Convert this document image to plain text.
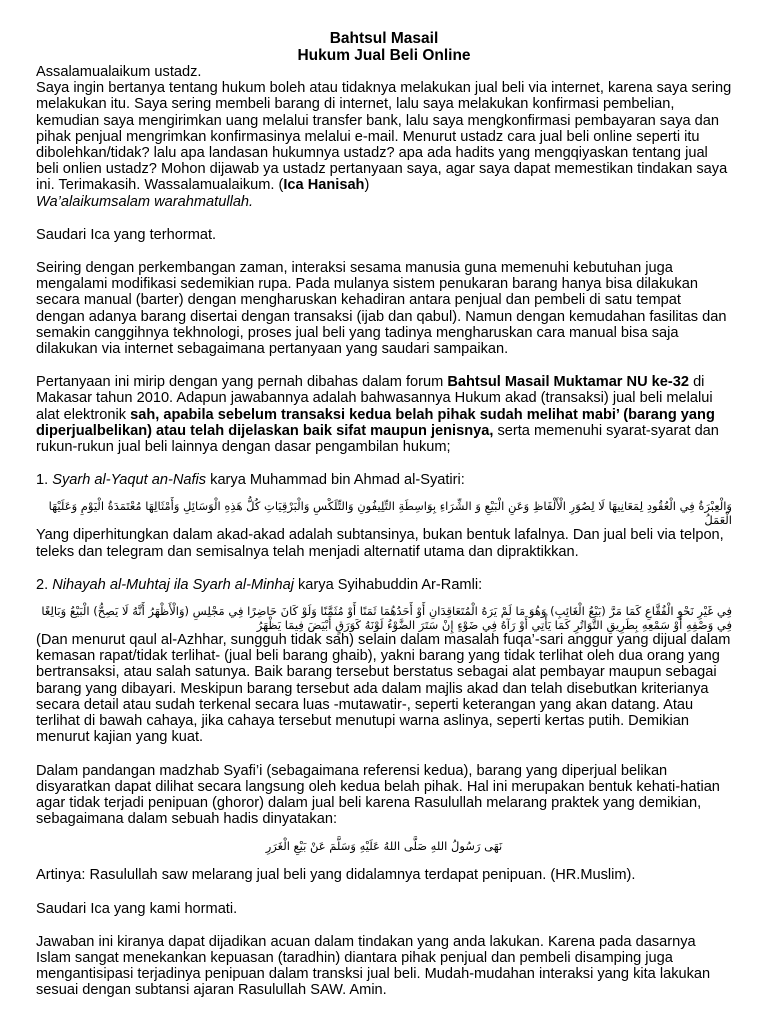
Bahtsul Masail
Hukum Jual Beli Online

Assalamualaikum ustadz.

Saya ingin bertanya tentang hukum boleh atau tidaknya melakukan jual beli via internet, karena saya sering melakukan itu. Saya sering membeli barang di internet, lalu saya melakukan konfirmasi pembelian, kemudian saya mengirimkan uang melalui transfer bank, lalu saya mengkonfirmasi pembayaran saya dan pihak penjual mengrimkan konfirmasinya melalui e-mail. Menurut ustadz cara jual beli online seperti itu dibolehkan/tidak? lalu apa landasan hukumnya ustadz? apa ada hadits yang mengqiyaskan tentang jual beli onlien ustadz? Mohon dijawab ya ustadz pertanyaan saya, agar saya dapat memestikan tindakan saya ini. Terimakasih. Wassalamualaikum. (Ica Hanisah)

Wa’alaikumsalam warahmatullah.

Saudari Ica yang terhormat.

Seiring dengan perkembangan zaman, interaksi sesama manusia guna memenuhi kebutuhan juga mengalami modifikasi sedemikian rupa. Pada mulanya sistem penukaran barang hanya bisa dilakukan secara manual (barter) dengan mengharuskan kehadiran antara penjual dan pembeli di satu tempat dengan adanya barang disertai dengan transaksi (ijab dan qabul). Namun dengan kemudahan fasilitas dan semakin canggihnya tekhnologi, proses jual beli yang tadinya mengharuskan cara manual bisa saja dilakukan via internet sebagaimana pertanyaan yang saudari sampaikan.

Pertanyaan ini mirip dengan yang pernah dibahas dalam forum Bahtsul Masail Muktamar NU ke-32 di Makasar tahun 2010. Adapun jawabannya adalah bahwasannya Hukum akad (transaksi) jual beli melalui alat elektronik sah, apabila sebelum transaksi kedua belah pihak sudah melihat mabi’ (barang yang diperjualbelikan) atau telah dijelaskan baik sifat maupun jenisnya, serta memenuhi syarat-syarat dan rukun-rukun jual beli lainnya dengan dasar pengambilan hukum;

1. Syarh al-Yaqut an-Nafis karya Muhammad bin Ahmad al-Syatiri:

وَالْعِبْرَةُ فِي الْعُقُودِ لِمَعَانِيهَا لَا لِصُوَرِ الْأَلْفَاظِ وَعَنِ الْبَيْعِ وَ الشِّرَاءِ بِوَاسِطَةِ التِّلِيفُونِ وَالتِّلَكْسِ وَالْبَرْقِيَاتِ كُلُّ هَذِهِ الْوَسَائِلِ وَأَمْثَالِهَا مُعْتَمَدَةُ الْيَوْمِ وَعَلَيْهَا الْعَمَلُ

Yang diperhitungkan dalam akad-akad adalah subtansinya, bukan bentuk lafalnya. Dan jual beli via telpon, teleks dan telegram dan semisalnya telah menjadi alternatif utama dan dipraktikkan.

2. Nihayah al-Muhtaj ila Syarh al-Minhaj karya Syihabuddin Ar-Ramli:

فِي غَيْرِ نَحْوِ الْفُقَّاعِ كَمَا مَرَّ (بَيْعُ الْغَائِبِ) وَهُوَ مَا لَمْ يَرَهُ الْمُتَعَاقِدَانِ أَوْ أَحَدُهُمَا ثَمَنًا أَوْ مُثَمَّنًا وَلَوْ كَانَ حَاضِرًا فِي مَجْلِسِ (وَالْأَظْهَرُ أَنَّهُ لَا يَصِحُّ) الْبَيْعُ وَبَالِغًا فِي وَصْفِهِ أَوْ سَمْعِهِ بِطَرِيقِ التَّوَاتُرِ كَمَا يَأْتِي أَوْ رَآهُ فِي ضَوْءٍ إِنْ سَتَرَ الضَّوْءُ لَوْنَهُ كَوَرَقٍ أَبْيَضَ فِيمَا يَظْهَرُ

(Dan menurut qaul al-Azhhar, sungguh tidak sah) selain dalam masalah fuqa’-sari anggur yang dijual dalam kemasan rapat/tidak terlihat- (jual beli barang ghaib), yakni barang yang tidak terlihat oleh dua orang yang bertransaksi, atau salah satunya. Baik barang tersebut berstatus sebagai alat pembayar maupun sebagai barang yang dibayari. Meskipun barang tersebut ada dalam majlis akad dan telah disebutkan kriterianya secara detail atau sudah terkenal secara luas -mutawatir-, seperti keterangan yang akan datang. Atau terlihat di bawah cahaya, jika cahaya tersebut menutupi warna aslinya, seperti kertas putih. Demikian menurut kajian yang kuat.

Dalam pandangan madzhab Syafi’i (sebagaimana referensi kedua), barang yang diperjual belikan disyaratkan dapat dilihat secara langsung oleh kedua belah pihak. Hal ini merupakan bentuk kehati-hatian agar tidak terjadi penipuan (ghoror) dalam jual beli karena Rasulullah melarang praktek yang demikian, sebagaimana dalam sebuah hadis dinyatakan:

نَهَى رَسُولُ اللهِ صَلَّى اللهُ عَلَيْهِ وَسَلَّمَ عَنْ بَيْعِ الْغَرَرِ

Artinya: Rasulullah saw melarang jual beli yang didalamnya terdapat penipuan. (HR.Muslim).

Saudari Ica yang kami hormati.

Jawaban ini kiranya dapat dijadikan acuan dalam tindakan yang anda lakukan. Karena pada dasarnya Islam sangat menekankan kepuasan (taradhin) diantara pihak penjual dan pembeli disamping juga mengantisipasi terjadinya penipuan dalam transksi jual beli. Mudah-mudahan interaksi yang kita lakukan sesuai dengan subtansi ajaran Rasulullah SAW. Amin.
